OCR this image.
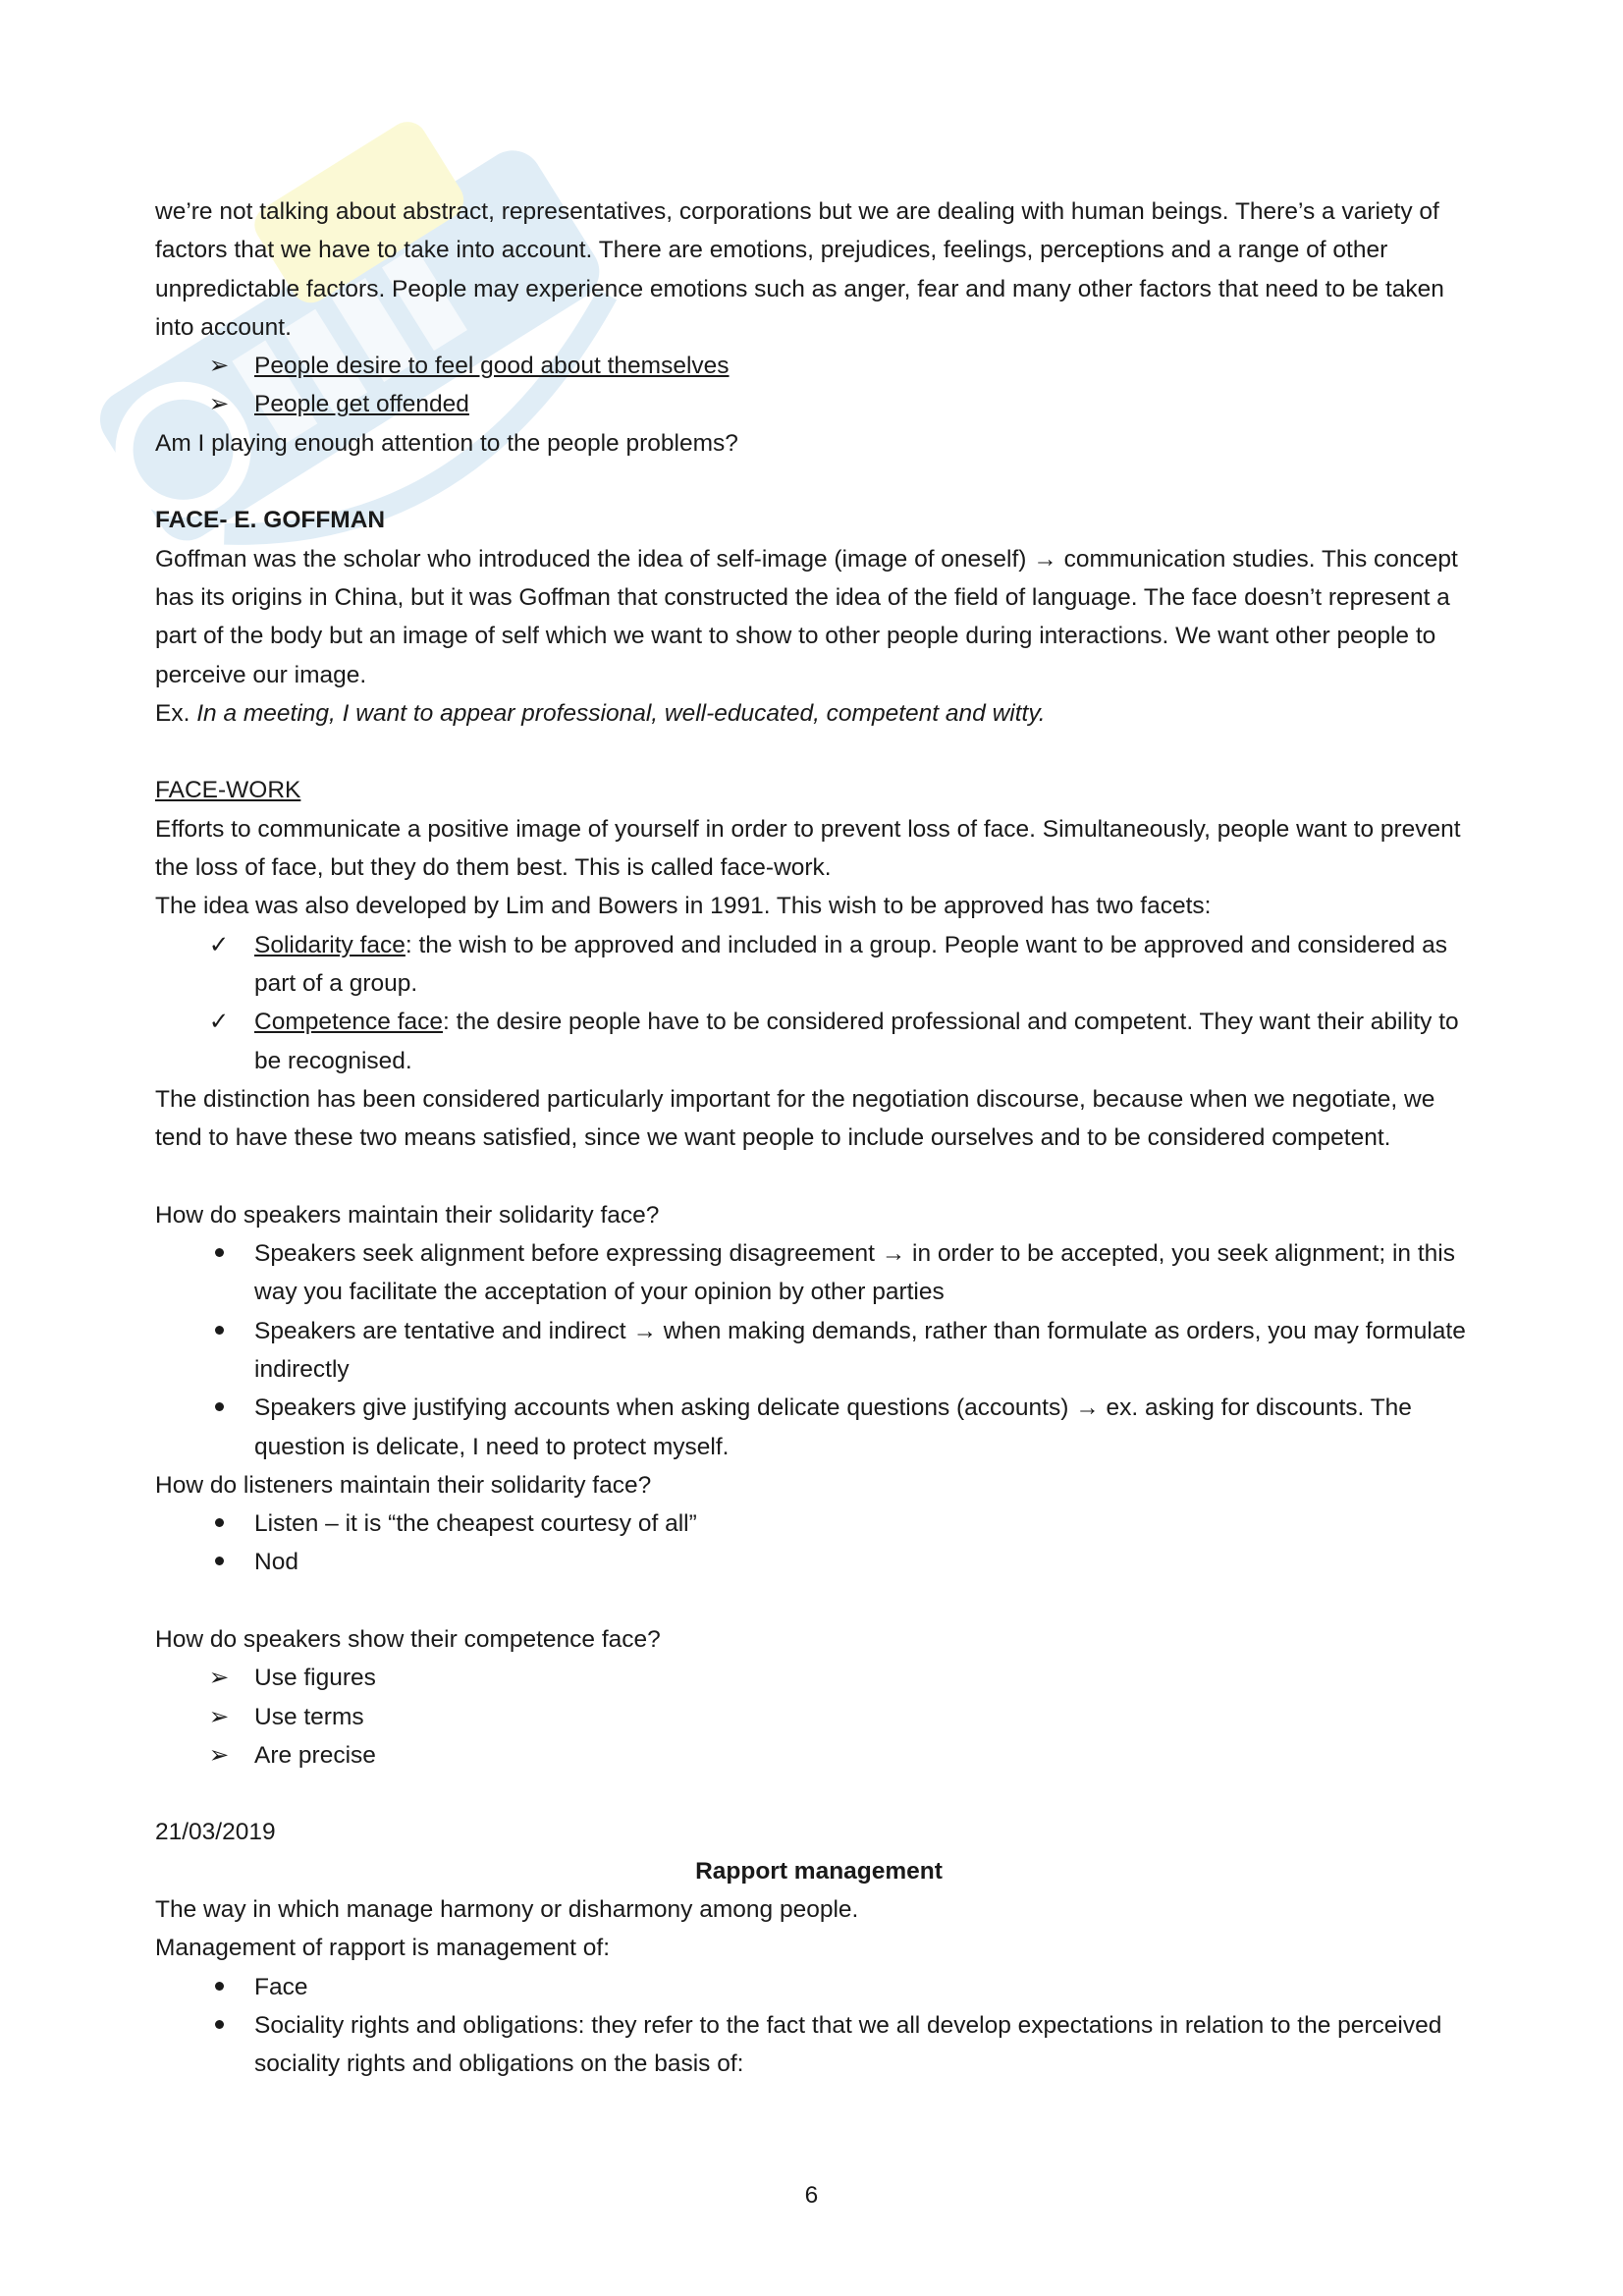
we’re not talking about abstract, representatives, corporations but we are dealing with human beings. There’s a variety of factors that we have to take into account. There are emotions, prejudices, feelings, perceptions and a range of other unpredictable factors. People may experience emotions such as anger, fear and many other factors that need to be taken into account.

➢ People desire to feel good about themselves
➢ People get offended

Am I playing enough attention to the people problems?

FACE- E. GOFFMAN

Goffman was the scholar who introduced the idea of self-image (image of oneself) → communication studies. This concept has its origins in China, but it was Goffman that constructed the idea of the field of language. The face doesn’t represent a part of the body but an image of self which we want to show to other people during interactions. We want other people to perceive our image.

Ex. In a meeting, I want to appear professional, well-educated, competent and witty.

FACE-WORK

Efforts to communicate a positive image of yourself in order to prevent loss of face. Simultaneously, people want to prevent the loss of face, but they do them best. This is called face-work.

The idea was also developed by Lim and Bowers in 1991. This wish to be approved has two facets:

✓ Solidarity face: the wish to be approved and included in a group. People want to be approved and considered as part of a group.
✓ Competence face: the desire people have to be considered professional and competent. They want their ability to be recognised.

The distinction has been considered particularly important for the negotiation discourse, because when we negotiate, we tend to have these two means satisfied, since we want people to include ourselves and to be considered competent.

How do speakers maintain their solidarity face?

Speakers seek alignment before expressing disagreement → in order to be accepted, you seek alignment; in this way you facilitate the acceptation of your opinion by other parties
Speakers are tentative and indirect → when making demands, rather than formulate as orders, you may formulate indirectly
Speakers give justifying accounts when asking delicate questions (accounts) → ex. asking for discounts. The question is delicate, I need to protect myself.

How do listeners maintain their solidarity face?

Listen – it is “the cheapest courtesy of all”
Nod

How do speakers show their competence face?

➢ Use figures
➢ Use terms
➢ Are precise

21/03/2019

Rapport management

The way in which manage harmony or disharmony among people.

Management of rapport is management of:

Face
Sociality rights and obligations: they refer to the fact that we all develop expectations in relation to the perceived sociality rights and obligations on the basis of:
6
